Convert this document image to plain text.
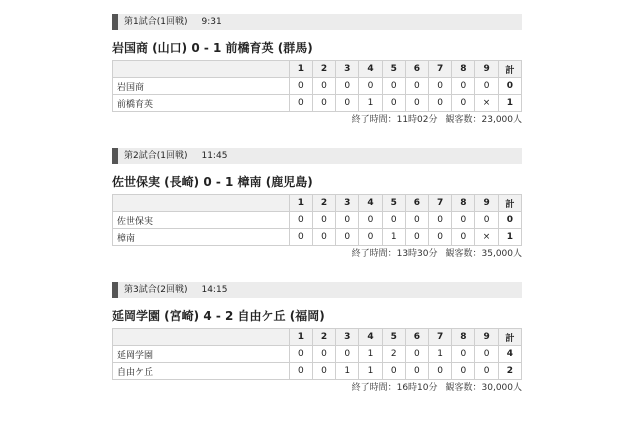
第1試合(1回戦) 9:31
岩国商 (山口) 0 - 1 前橋育英 (群馬)
	1	2	3	4	5	6	7	8	9	計
岩国商	0	0	0	0	0	0	0	0	0	0
前橋育英	0	0	0	1	0	0	0	0	×	1
終了時間：11時02分 観客数：23,000人
第2試合(1回戦) 11:45
佐世保実 (長崎) 0 - 1 樟南 (鹿児島)
	1	2	3	4	5	6	7	8	9	計
佐世保実	0	0	0	0	0	0	0	0	0	0
樟南	0	0	0	0	1	0	0	0	×	1
終了時間：13時30分 観客数：35,000人
第3試合(2回戦) 14:15
延岡学園 (宮崎) 4 - 2 自由ケ丘 (福岡)
	1	2	3	4	5	6	7	8	9	計
延岡学園	0	0	0	1	2	0	1	0	0	4
自由ケ丘	0	0	1	1	0	0	0	0	0	2
終了時間：16時10分 観客数：30,000人
